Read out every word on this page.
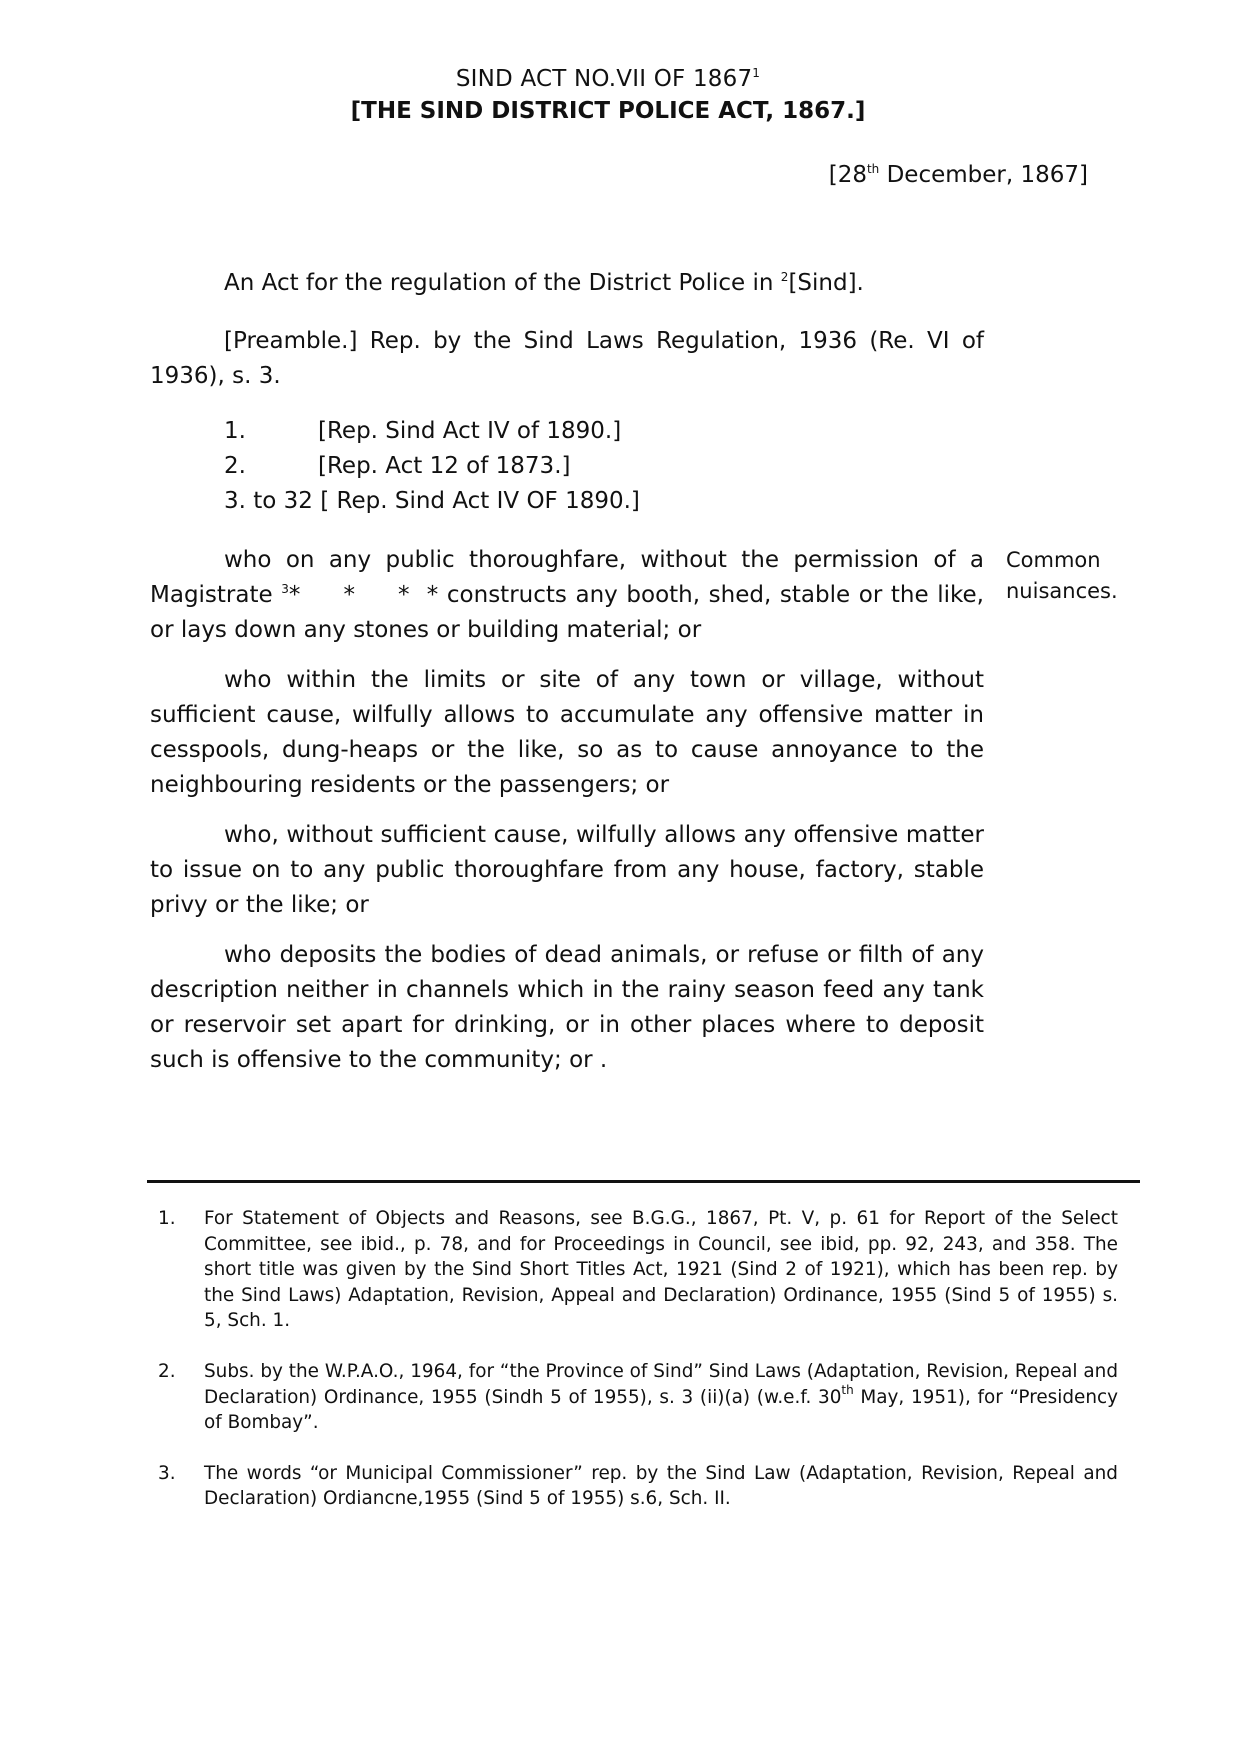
SIND ACT NO.VII OF 1867$^1$
[THE SIND DISTRICT POLICE ACT, 1867.]
[28th December, 1867]
An Act for the regulation of the District Police in $^2$[Sind].
[Preamble.] Rep. by the Sind Laws Regulation, 1936 (Re. VI of 1936), s. 3.
1.	[Rep. Sind Act IV of 1890.]
2.	[Rep. Act 12 of 1873.]
3. to 32 [ Rep. Sind Act IV OF 1890.]

who on any public thoroughfare, without the permission of a Magistrate $^3$*     *     *  * constructs any booth, shed, stable or the like, or lays down any stones or building material; or

who within the limits or site of any town or village, without sufficient cause, wilfully allows to accumulate any offensive matter in cesspools, dung-heaps or the like, so as to cause annoyance to the neighbouring residents or the passengers; or

who, without sufficient cause, wilfully allows any offensive matter to issue on to any public thoroughfare from any house, factory, stable privy or the like; or

who deposits the bodies of dead animals, or refuse or filth of any description neither in channels which in the rainy season feed any tank or reservoir set apart for drinking, or in other places where to deposit such is offensive to the community; or .

Common
nuisances.
1.	For Statement of Objects and Reasons, see B.G.G., 1867, Pt. V, p. 61 for Report of the Select Committee, see ibid., p. 78, and for Proceedings in Council, see ibid, pp. 92, 243, and 358. The short title was given by the Sind Short Titles Act, 1921 (Sind 2 of 1921), which has been rep. by the Sind Laws) Adaptation, Revision, Appeal and Declaration) Ordinance, 1955 (Sind 5 of 1955) s. 5, Sch. 1.
2.	Subs. by the W.P.A.O., 1964, for “the Province of Sind” Sind Laws (Adaptation, Revision, Repeal and Declaration) Ordinance, 1955 (Sindh 5 of 1955), s. 3 (ii)(a) (w.e.f. 30th May, 1951), for “Presidency of Bombay”.
3.	The words “or Municipal Commissioner” rep. by the Sind Law (Adaptation, Revision, Repeal and Declaration) Ordiancne,1955 (Sind 5 of 1955) s.6, Sch. II.
